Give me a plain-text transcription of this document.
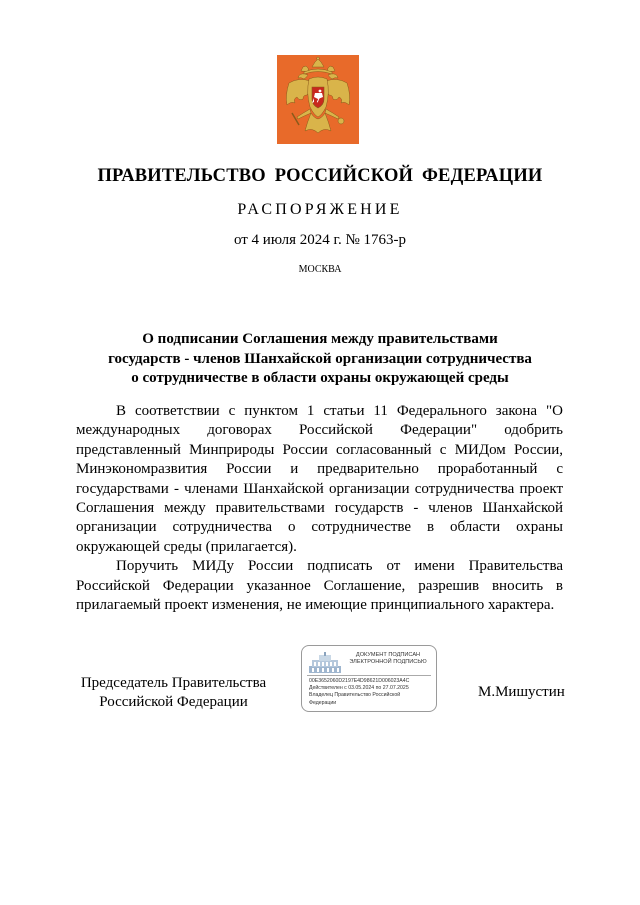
ПРАВИТЕЛЬСТВО РОССИЙСКОЙ ФЕДЕРАЦИИ
РАСПОРЯЖЕНИЕ
от 4 июля 2024 г. № 1763-р
МОСКВА
О подписании Соглашения между правительствами
государств - членов Шанхайской организации сотрудничества
о сотрудничестве в области охраны окружающей среды

В соответствии с пунктом 1 статьи 11 Федерального закона "О международных договорах Российской Федерации" одобрить представленный Минприроды России согласованный с МИДом России, Минэкономразвития России и предварительно проработанный с государствами - членами Шанхайской организации сотрудничества проект Соглашения между правительствами государств - членов Шанхайской организации сотрудничества о сотрудничестве в области охраны окружающей среды (прилагается).

Поручить МИДу России подписать от имени Правительства Российской Федерации указанное Соглашение, разрешив вносить в прилагаемый проект изменения, не имеющие принципиального характера.

Председатель Правительства
Российской Федерации
ДОКУМЕНТ ПОДПИСАН
ЭЛЕКТРОННОЙ ПОДПИСЬЮ
00E3652060D2197E4D98621D006023A4C
Действителен с 03.05.2024 по 27.07.2025
Владелец Правительство Российской
Федерации
М.Мишустин
